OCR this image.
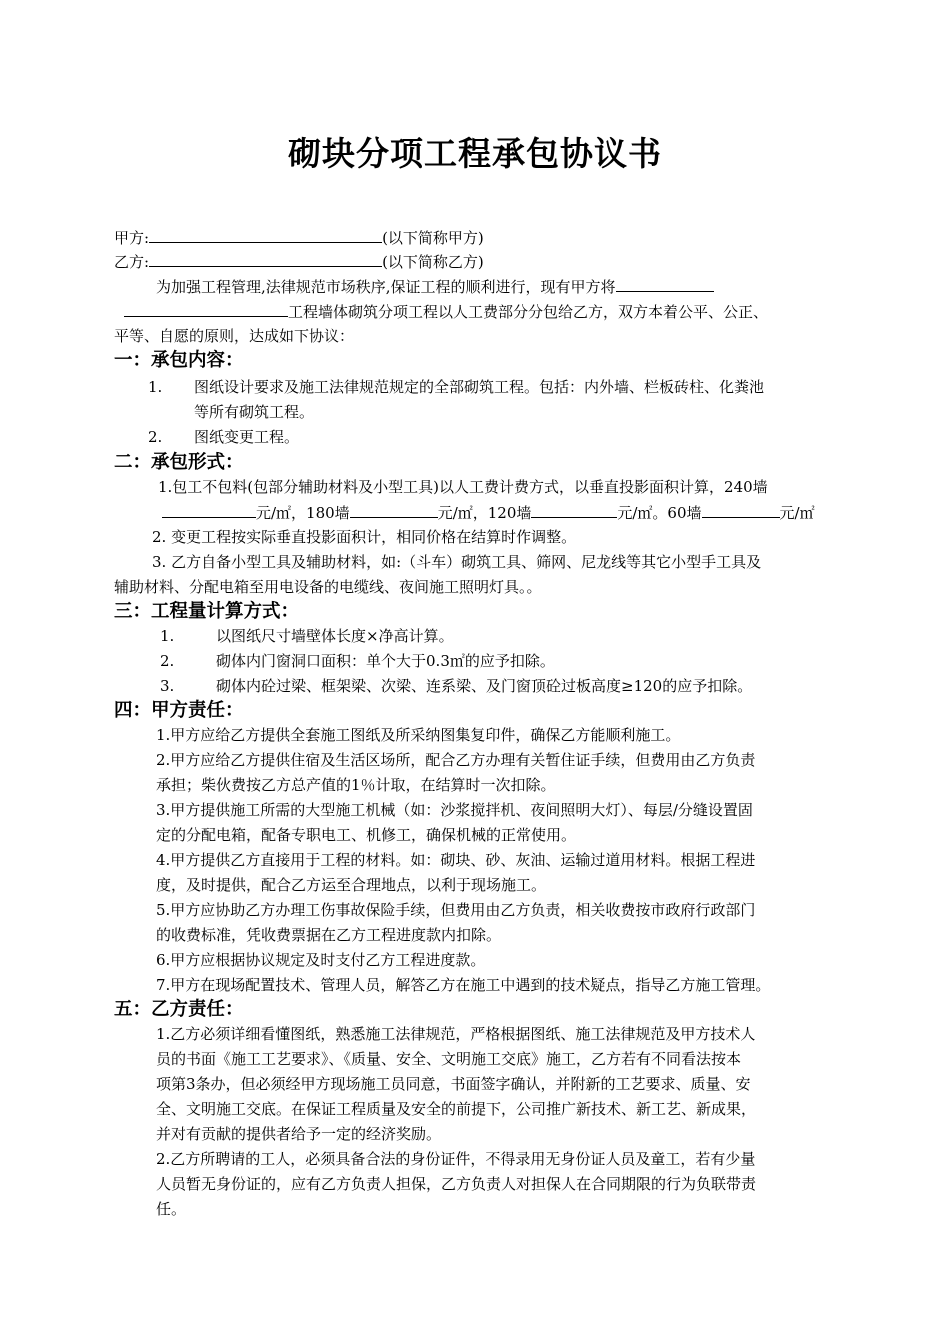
砌块分项工程承包协议书
甲方:	(以下简称甲方)
乙方:	(以下简称乙方)
为加强工程管理,法律规范市场秩序,保证工程的顺利进行，现有甲方将
工程墙体砌筑分项工程以人工费部分分包给乙方，双方本着公平、公正、
平等、自愿的原则，达成如下协议：
一：承包内容：
1. 图纸设计要求及施工法律规范规定的全部砌筑工程。包括：内外墙、栏板砖柱、化粪池
等所有砌筑工程。
2. 图纸变更工程。
二：承包形式：
1.包工不包料(包部分辅助材料及小型工具)以人工费计费方式，以垂直投影面积计算，240墙
元/㎡，180墙	元/㎡，120墙	元/㎡。60墙	元/㎡
2. 变更工程按实际垂直投影面积计，相同价格在结算时作调整。
3. 乙方自备小型工具及辅助材料，如:（斗车）砌筑工具、筛网、尼龙线等其它小型手工具及
辅助材料、分配电箱至用电设备的电缆线、夜间施工照明灯具。。
三：工程量计算方式：
1.	以图纸尺寸墙壁体长度×净高计算。
2.	砌体内门窗洞口面积：单个大于0.3㎡的应予扣除。
3.	砌体内砼过梁、框架梁、次梁、连系梁、及门窗顶砼过板高度≥120的应予扣除。
四：甲方责任：
1.甲方应给乙方提供全套施工图纸及所采纳图集复印件，确保乙方能顺利施工。
2.甲方应给乙方提供住宿及生活区场所，配合乙方办理有关暂住证手续，但费用由乙方负责
承担；柴伙费按乙方总产值的1％计取，在结算时一次扣除。
3.甲方提供施工所需的大型施工机械（如：沙浆搅拌机、夜间照明大灯）、每层/分缝设置固
定的分配电箱，配备专职电工、机修工，确保机械的正常使用。
4.甲方提供乙方直接用于工程的材料。如：砌块、砂、灰油、运输过道用材料。根据工程进
度，及时提供，配合乙方运至合理地点，以利于现场施工。
5.甲方应协助乙方办理工伤事故保险手续，但费用由乙方负责，相关收费按市政府行政部门
的收费标准，凭收费票据在乙方工程进度款内扣除。
6.甲方应根据协议规定及时支付乙方工程进度款。
7.甲方在现场配置技术、管理人员，解答乙方在施工中遇到的技术疑点，指导乙方施工管理。
五：乙方责任：
1.乙方必须详细看懂图纸，熟悉施工法律规范，严格根据图纸、施工法律规范及甲方技术人
员的书面《施工工艺要求》、《质量、安全、文明施工交底》施工，乙方若有不同看法按本
项第3条办，但必须经甲方现场施工员同意，书面签字确认，并附新的工艺要求、质量、安
全、文明施工交底。在保证工程质量及安全的前提下，公司推广新技术、新工艺、新成果，
并对有贡献的提供者给予一定的经济奖励。
2.乙方所聘请的工人，必须具备合法的身份证件，不得录用无身份证人员及童工，若有少量
人员暂无身份证的，应有乙方负责人担保，乙方负责人对担保人在合同期限的行为负联带责
任。
